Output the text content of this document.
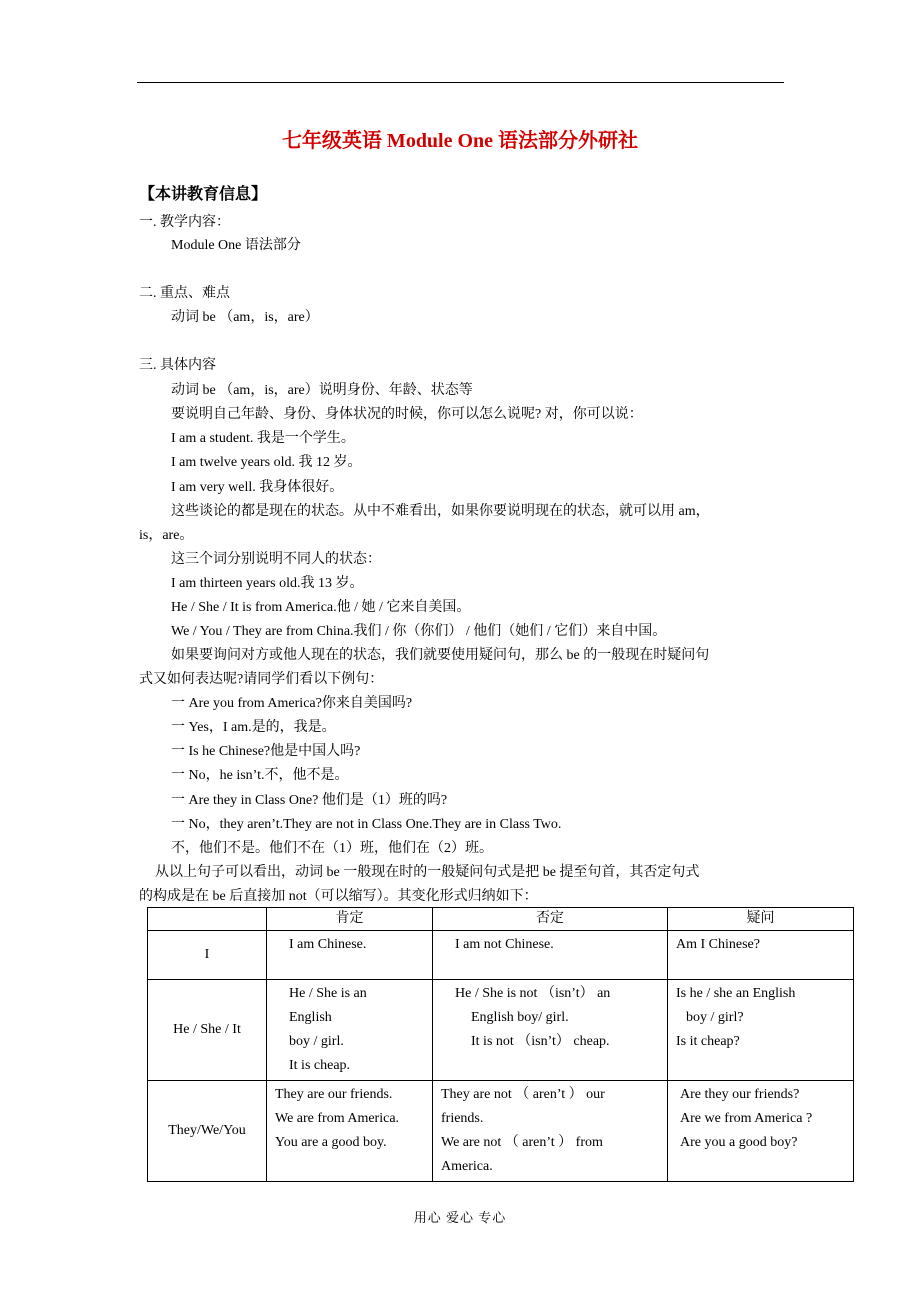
七年级英语 Module One 语法部分外研社
【本讲教育信息】
一. 教学内容：
Module One 语法部分
二. 重点、难点
动词 be （am，is，are）
三. 具体内容
动词 be （am，is，are）说明身份、年龄、状态等
要说明自己年龄、身份、身体状况的时候，你可以怎么说呢? 对，你可以说：
I am a student. 我是一个学生。
I am twelve years old. 我 12 岁。
I am very well. 我身体很好。
这些谈论的都是现在的状态。从中不难看出，如果你要说明现在的状态，就可以用 am，
is，are。
这三个词分别说明不同人的状态：
I am thirteen years old.我 13 岁。
He / She / It is from America.他 / 她 / 它来自美国。
We / You / They are from China.我们 / 你（你们） / 他们（她们 / 它们）来自中国。
如果要询问对方或他人现在的状态，我们就要使用疑问句，那么 be 的一般现在时疑问句
式又如何表达呢?请同学们看以下例句：
一 Are you from America?你来自美国吗?
一 Yes，I am.是的，我是。
一 Is he Chinese?他是中国人吗?
一 No，he isn’t.不，他不是。
一 Are they in Class One? 他们是（1）班的吗?
一 No，they aren’t.They are not in Class One.They are in Class Two.
不，他们不是。他们不在（1）班，他们在（2）班。
从以上句子可以看出，动词 be 一般现在时的一般疑问句式是把 be 提至句首，其否定句式
的构成是在 be 后直接加 not（可以缩写）。其变化形式归纳如下：
	肯定	否定	疑问
I	I am Chinese.	I am not Chinese.	Am I Chinese?

He / She / It	He / She is an
English
boy / girl.
It is cheap.	He / She is not （isn’t） an
English boy/ girl.
It is not （isn’t） cheap.	Is he / she an English
boy / girl?
Is it cheap?

They/We/You	They are our friends.
We are from America.
You are a good boy.	They are not （ aren’t ） our
friends.
We are not （ aren’t ） from
America.	Are they our friends?
Are we from America ?
Are you a good boy?
用心 爱心 专心
